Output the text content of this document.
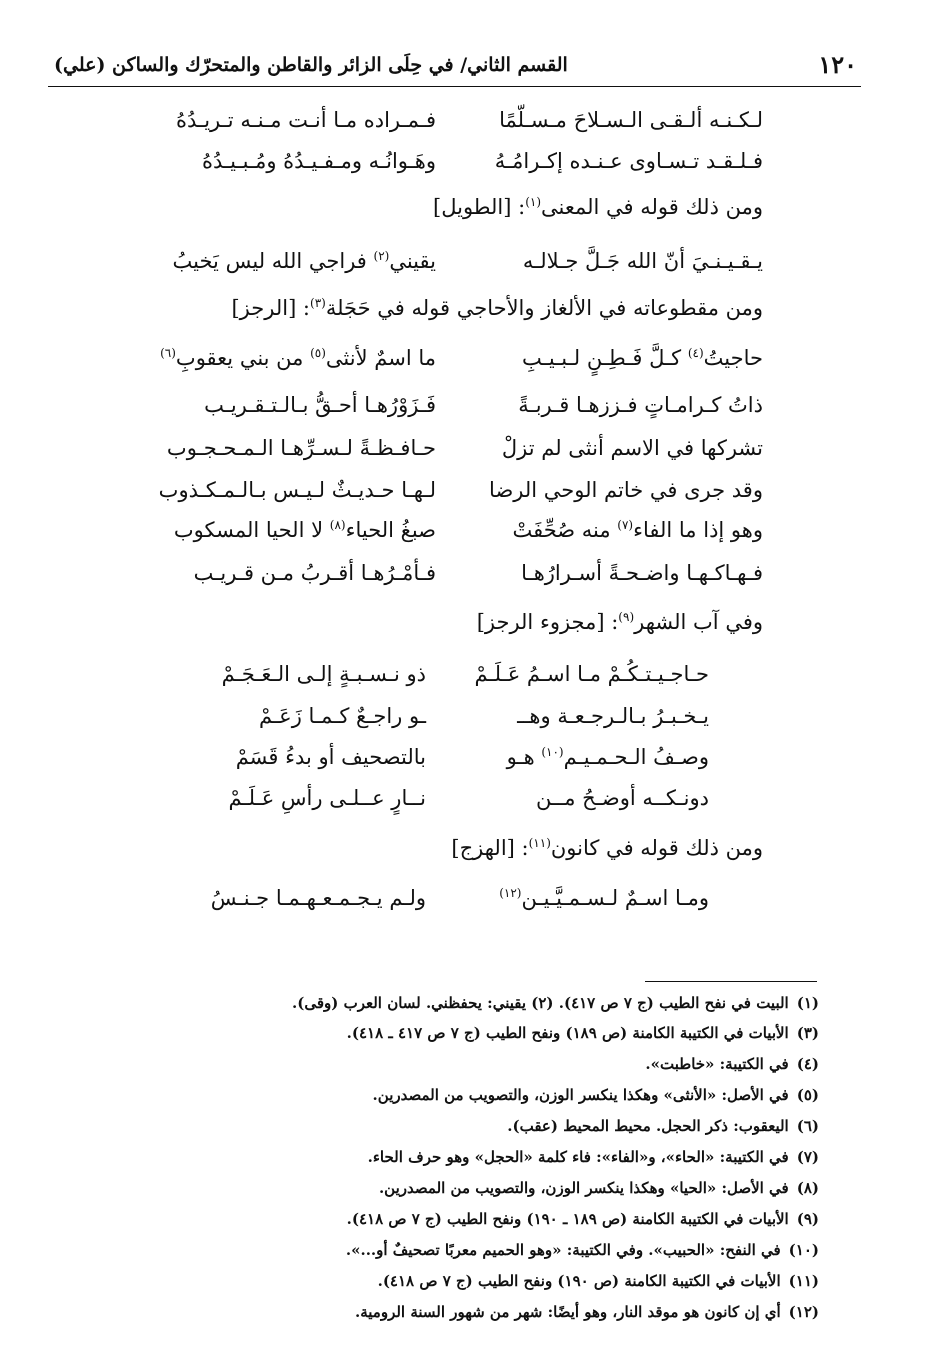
١٢٠
القسم الثاني/ في حِلَى الزائر والقاطن والمتحرّك والساكن (علي)
لـكـنـه ألـقـى الـسـلاحَ مـسـلّمًا
فـمـراده مـا أنـت مـنـه تـريـدُهُ
فـلـقـد تـسـاوى عـنـده إكـرامُـهُ
وهَـوانُـه ومـفـيـدُهُ ومُـبـيـدُهُ
ومن ذلك قوله في المعنى$^{(١)}$: [الطويل]
يـقـيـنـيَ أنّ الله جَـلَّ جـلالـه
يقيني$^{(٢)}$ فراجي الله ليس يَخيبُ
ومن مقطوعاته في الألغاز والأحاجي قوله في حَجَلة$^{(٣)}$: [الرجز]
حاجيتُ$^{(٤)}$ كـلَّ فَـطِـنٍ لـبـيـبِ
ما اسمٌ لأنثى$^{(٥)}$ من بني يعقوبِ$^{(٦)}$
ذاتُ كـرامـاتٍ فـززهـا قـربـةً
فَـزَوْرُهـا أحـقُّ بـالـتـقـريـب
تشركها في الاسم أنثى لم تزلْ
حـافـظـةً لـسـرِّهـا الـمـحـجـوب
وقد جرى في خاتم الوحي الرضا
لـهـا حـديـثٌ لـيـس بـالـمـكـذوب
وهو إذا ما الفاء$^{(٧)}$ منه صُحِّفَتْ
صبغُ الحياء$^{(٨)}$ لا الحيا المسكوب
فـهـاكـهـا واضـحـةً أسـرارُهـا
فـأمْـرُهـا أقـربُ مـن قـريـب
وفي آب الشهر$^{(٩)}$: [مجزوء الرجز]
حـاجـيـتـكُـمْ مـا اسـمُ عَـلَـمْ
ذو نـسـبـةٍ إلـى الـعَـجَـمْ
يـخـبـرُ بـالـرجـعـة وهــ
ـو راجـعٌ كـمـا زَعَـمْ
وصـفُ الـحـمـيـم$^{(١٠)}$ هـو
بالتصحيف أو بدءُ قَسَمْ
دونـكــه أوضـحُ مــن
نــارٍ عــلـى رأسِ عَـلَـمْ
ومن ذلك قوله في كانون$^{(١١)}$: [الهزج]
ومـا اسـمٌ لـسـمـيَّـيـن$^{(١٢)}$
ولـم يـجـمـعـهـمـا جـنـسُ
(١)البيت في نفح الطيب (ج ٧ ص ٤١٧). (٢) يقيني: يحفظني. لسان العرب (وقى).
(٣)الأبيات في الكتيبة الكامنة (ص ١٨٩) ونفح الطيب (ج ٧ ص ٤١٧ ـ ٤١٨).
(٤)في الكتيبة: «خاطبت».
(٥)في الأصل: «الأنثى» وهكذا ينكسر الوزن، والتصويب من المصدرين.
(٦)اليعقوب: ذكر الحجل. محيط المحيط (عقب).
(٧)في الكتيبة: «الحاء»، و«الفاء»: فاء كلمة «الحجل» وهو حرف الحاء.
(٨)في الأصل: «الحيا» وهكذا ينكسر الوزن، والتصويب من المصدرين.
(٩)الأبيات في الكتيبة الكامنة (ص ١٨٩ ـ ١٩٠) ونفح الطيب (ج ٧ ص ٤١٨).
(١٠)في النفح: «الحبيب». وفي الكتيبة: «وهو الحميم معربًا تصحيفٌ أو...».
(١١)الأبيات في الكتيبة الكامنة (ص ١٩٠) ونفح الطيب (ج ٧ ص ٤١٨).
(١٢)أي إن كانون هو موقد النار، وهو أيضًا: شهر من شهور السنة الرومية.
